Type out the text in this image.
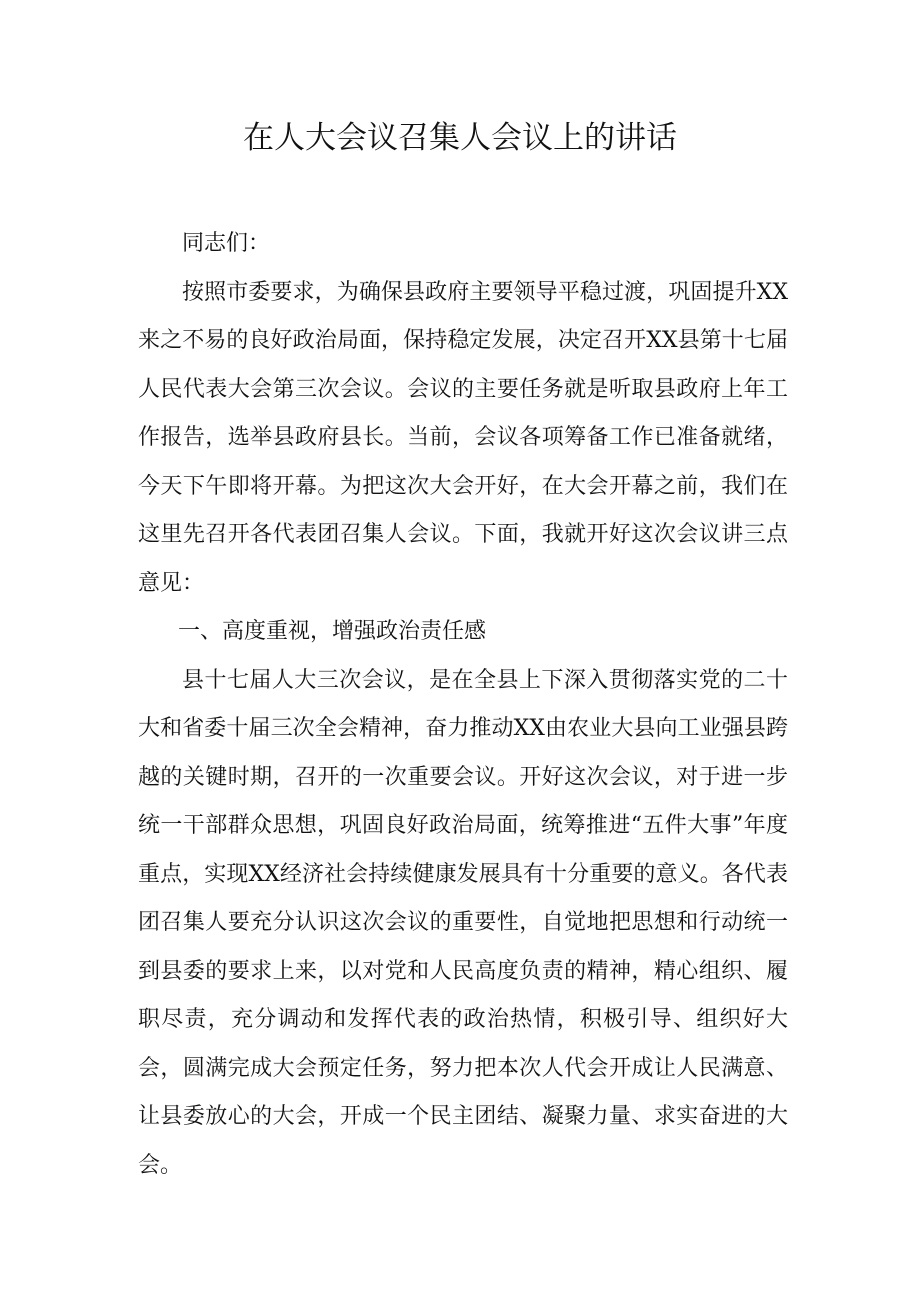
在人大会议召集人会议上的讲话

同志们：

按照市委要求，为确保县政府主要领导平稳过渡，巩固提升XX来之不易的良好政治局面，保持稳定发展，决定召开XX县第十七届人民代表大会第三次会议。会议的主要任务就是听取县政府上年工作报告，选举县政府县长。当前，会议各项筹备工作已准备就绪，今天下午即将开幕。为把这次大会开好，在大会开幕之前，我们在这里先召开各代表团召集人会议。下面，我就开好这次会议讲三点意见：

一、高度重视，增强政治责任感

县十七届人大三次会议，是在全县上下深入贯彻落实党的二十大和省委十届三次全会精神，奋力推动XX由农业大县向工业强县跨越的关键时期，召开的一次重要会议。开好这次会议，对于进一步统一干部群众思想，巩固良好政治局面，统筹推进“五件大事”年度重点，实现XX经济社会持续健康发展具有十分重要的意义。各代表团召集人要充分认识这次会议的重要性，自觉地把思想和行动统一到县委的要求上来，以对党和人民高度负责的精神，精心组织、履职尽责，充分调动和发挥代表的政治热情，积极引导、组织好大会，圆满完成大会预定任务，努力把本次人代会开成让人民满意、让县委放心的大会，开成一个民主团结、凝聚力量、求实奋进的大会。
